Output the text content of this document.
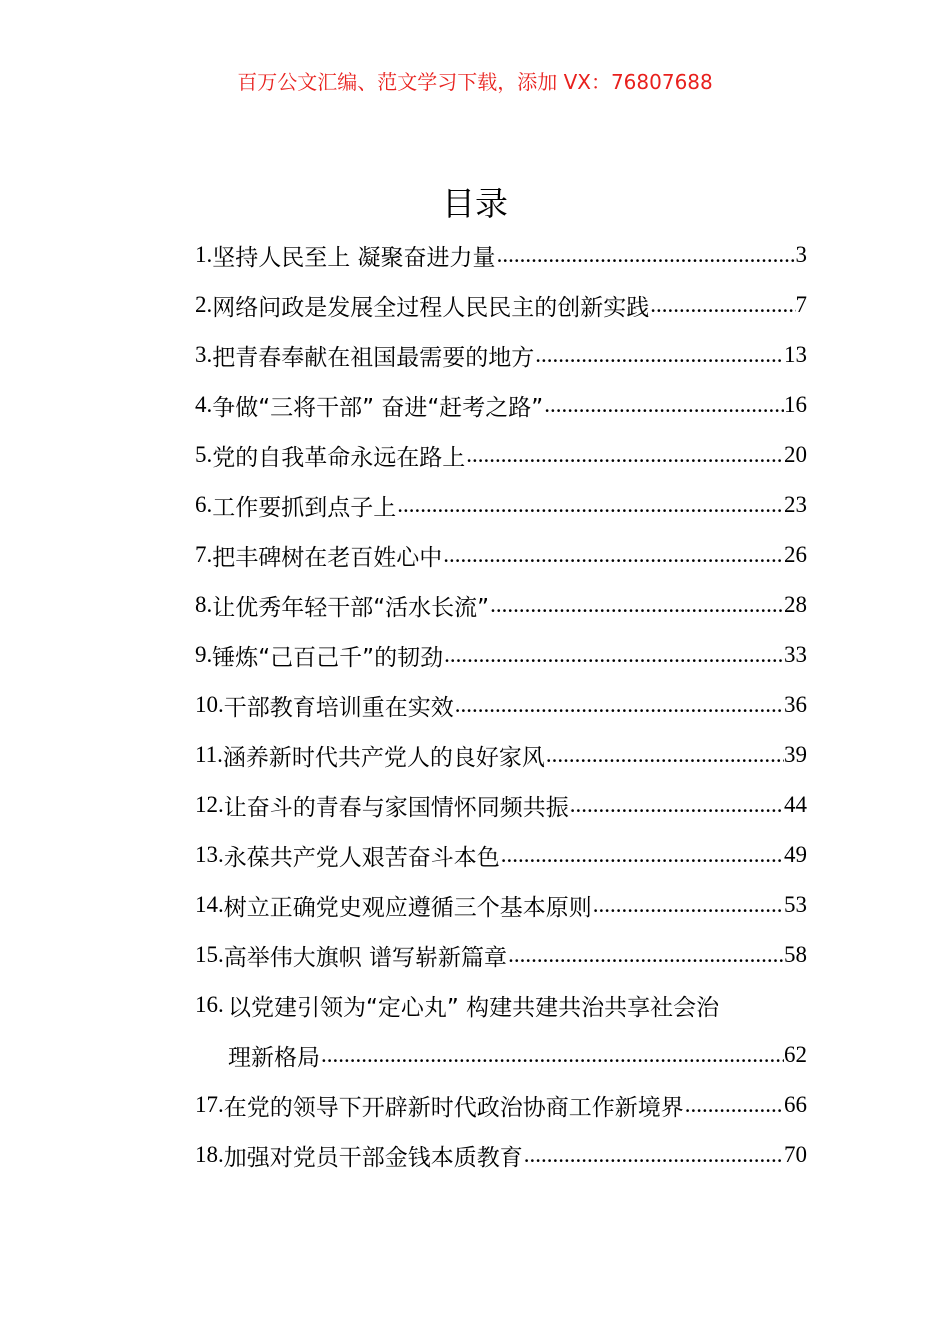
百万公文汇编、范文学习下载，添加 VX：76807688
目录
1. 坚持人民至上 凝聚奋进力量 .....	3
2. 网络问政是发展全过程人民民主的创新实践 .....	7
3. 把青春奉献在祖国最需要的地方 .....	13
4. 争做“三将干部” 奋进“赶考之路” .....	16
5. 党的自我革命永远在路上 .....	20
6. 工作要抓到点子上 .....	23
7. 把丰碑树在老百姓心中 .....	26
8. 让优秀年轻干部“活水长流” .....	28
9. 锤炼“己百己千”的韧劲 .....	33
10. 干部教育培训重在实效 .....	36
11. 涵养新时代共产党人的良好家风 .....	39
12. 让奋斗的青春与家国情怀同频共振 .....	44
13. 永葆共产党人艰苦奋斗本色 .....	49
14. 树立正确党史观应遵循三个基本原则 .....	53
15. 高举伟大旗帜 谱写崭新篇章 .....	58
16. 以党建引领为“定心丸” 构建共建共治共享社会治
理新格局 .....	62
17. 在党的领导下开辟新时代政治协商工作新境界 .....	66
18. 加强对党员干部金钱本质教育 .....	70
